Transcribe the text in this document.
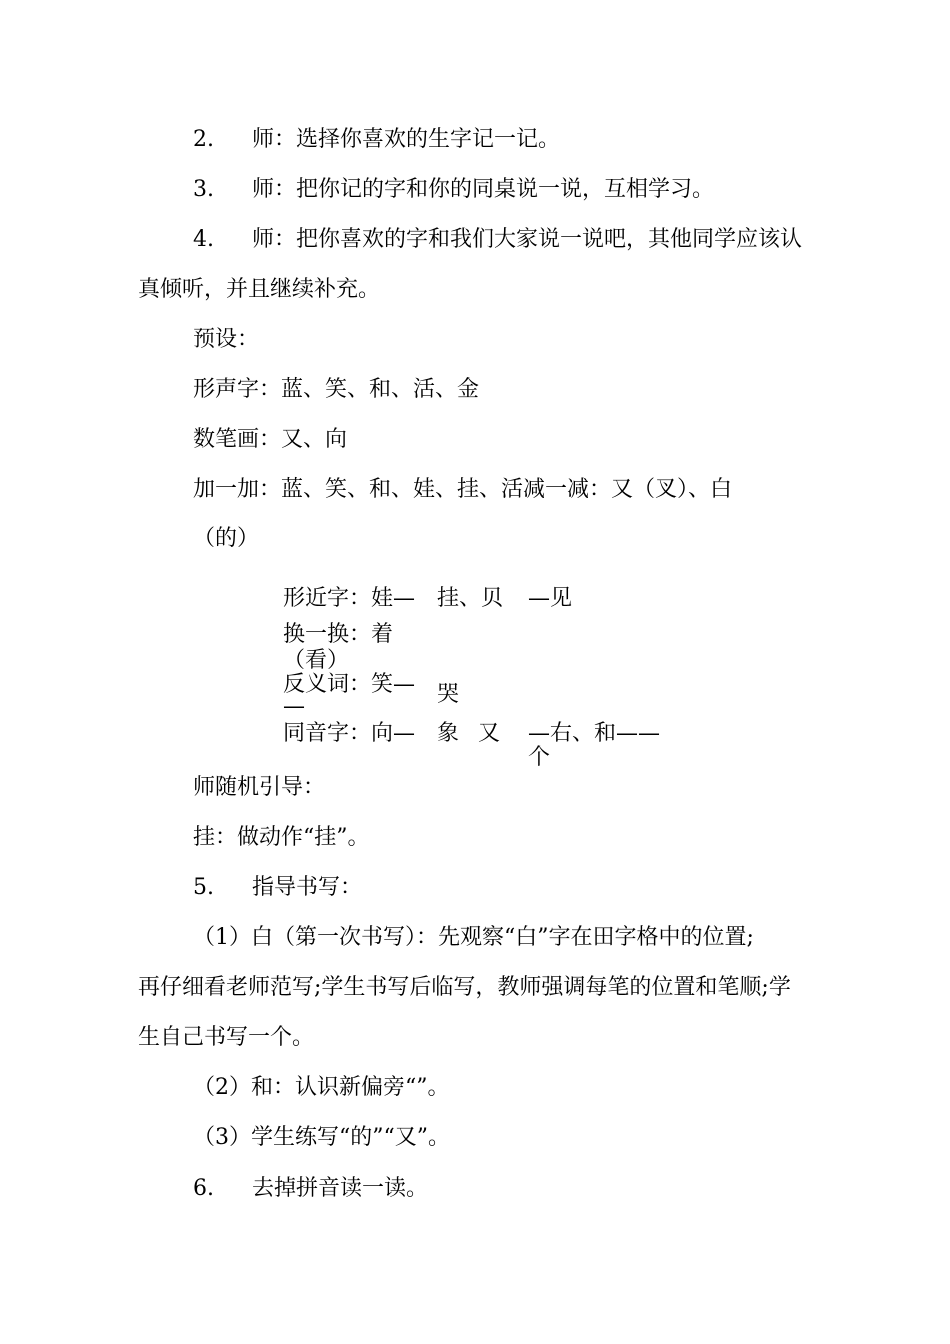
2. 师：选择你喜欢的生字记一记。
3. 师：把你记的字和你的同桌说一说，互相学习。
4. 师：把你喜欢的字和我们大家说一说吧，其他同学应该认
真倾听，并且继续补充。
预设：
形声字：蓝、笑、和、活、金
数笔画：又、向
加一加：蓝、笑、和、娃、挂、活减一减：又（叉）、白
（的）
形近字：娃— 挂、贝 —见
换一换：着
（看）
反义词：笑—
—	哭
同音字：向— 象 又 —右、和——
个
师随机引导：
挂：做动作“挂”。
5. 指导书写：
（1）白（第一次书写）：先观察“白”字在田字格中的位置;
再仔细看老师范写;学生书写后临写，教师强调每笔的位置和笔顺;学
生自己书写一个。
（2）和：认识新偏旁“”。
（3）学生练写“的”“又”。
6. 去掉拼音读一读。
